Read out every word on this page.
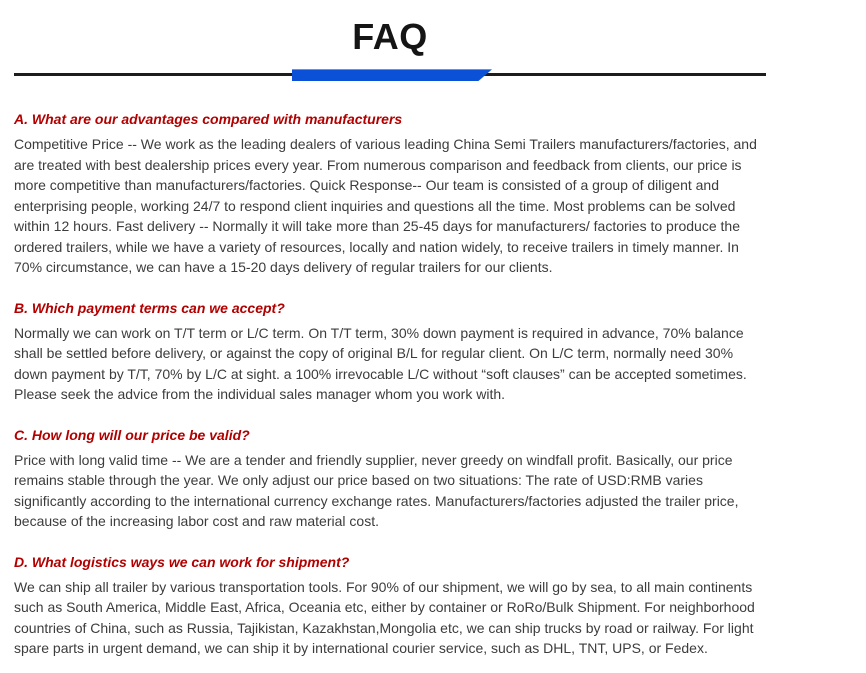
FAQ
A. What are our advantages compared with manufacturers

Competitive Price -- We work as the leading dealers of various leading China Semi Trailers manufacturers/factories, and are treated with best dealership prices every year. From numerous comparison and feedback from clients, our price is more competitive than manufacturers/factories. Quick Response-- Our team is consisted of a group of diligent and enterprising people, working 24/7 to respond client inquiries and questions all the time. Most problems can be solved within 12 hours. Fast delivery -- Normally it will take more than 25-45 days for manufacturers/ factories to produce the ordered trailers, while we have a variety of resources, locally and nation widely, to receive trailers in timely manner. In 70% circumstance, we can have a 15-20 days delivery of regular trailers for our clients.

B. Which payment terms can we accept?

Normally we can work on T/T term or L/C term. On T/T term, 30% down payment is required in advance, 70% balance shall be settled before delivery, or against the copy of original B/L for regular client. On L/C term, normally need 30% down payment by T/T, 70% by L/C at sight. a 100% irrevocable L/C without “soft clauses” can be accepted sometimes. Please seek the advice from the individual sales manager whom you work with.

C. How long will our price be valid?

Price with long valid time -- We are a tender and friendly supplier, never greedy on windfall profit. Basically, our price remains stable through the year. We only adjust our price based on two situations: The rate of USD:RMB varies significantly according to the international currency exchange rates. Manufacturers/factories adjusted the trailer price, because of the increasing labor cost and raw material cost.

D. What logistics ways we can work for shipment?

We can ship all trailer by various transportation tools. For 90% of our shipment, we will go by sea, to all main continents such as South America, Middle East, Africa, Oceania etc, either by container or RoRo/Bulk Shipment. For neighborhood countries of China, such as Russia, Tajikistan, Kazakhstan,Mongolia etc, we can ship trucks by road or railway. For light spare parts in urgent demand, we can ship it by international courier service, such as DHL, TNT, UPS, or Fedex.
